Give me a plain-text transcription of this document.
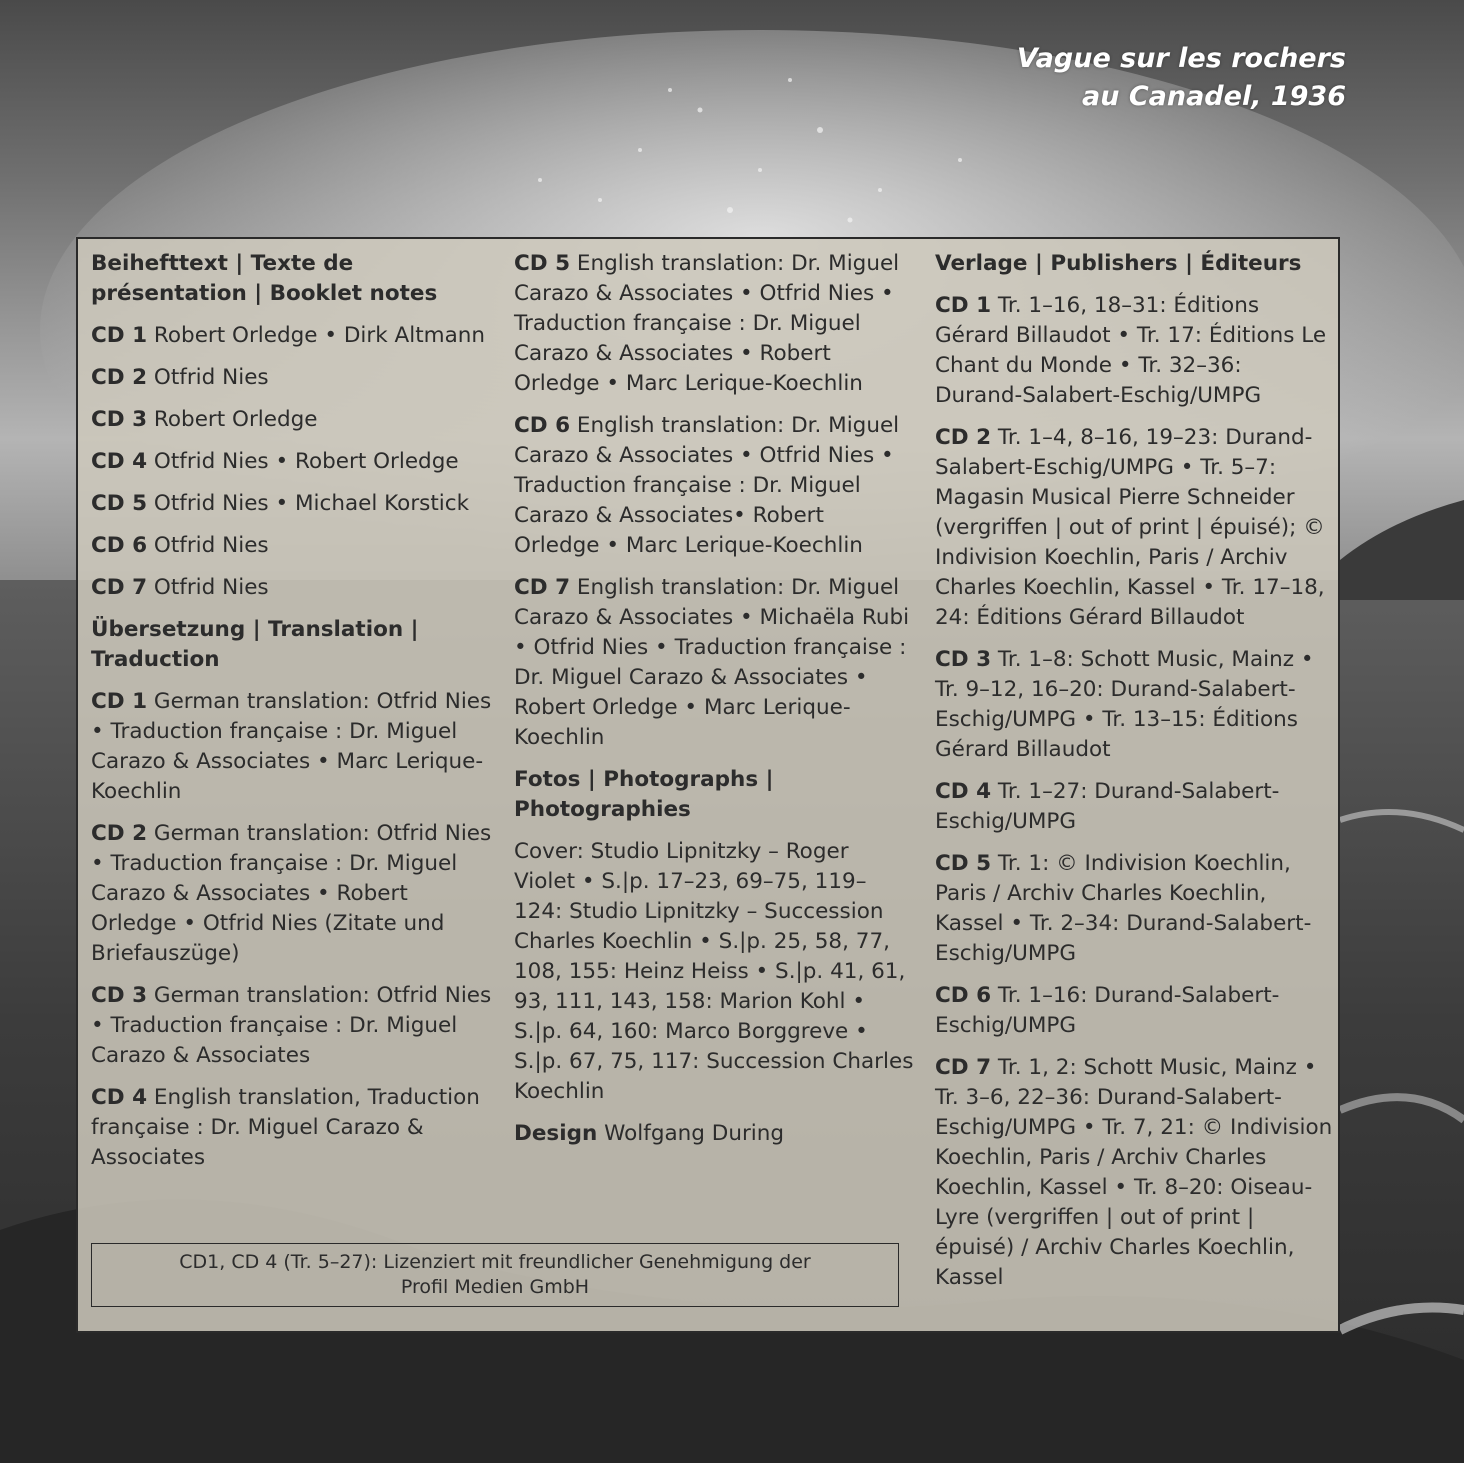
Vague sur les rochers
au Canadel, 1936
Beihefttext | Texte de présentation | Booklet notes

CD 1 Robert Orledge • Dirk Altmann

CD 2 Otfrid Nies

CD 3 Robert Orledge

CD 4 Otfrid Nies • Robert Orledge

CD 5 Otfrid Nies • Michael Korstick

CD 6 Otfrid Nies

CD 7 Otfrid Nies

Übersetzung | Translation | Traduction

CD 1 German translation: Otfrid Nies • Traduction française : Dr. Miguel Carazo & Associates • Marc Lerique-Koechlin

CD 2 German translation: Otfrid Nies • Traduction française : Dr. Miguel Carazo & Associates • Robert Orledge • Otfrid Nies (Zitate und Briefauszüge)

CD 3 German translation: Otfrid Nies • Traduction française : Dr. Miguel Carazo & Associates

CD 4 English translation, Traduction française : Dr. Miguel Carazo & Associates

CD 5 English translation: Dr. Miguel Carazo & Associates • Otfrid Nies • Traduction française : Dr. Miguel Carazo & Associates • Robert Orledge • Marc Lerique-Koechlin

CD 6 English translation: Dr. Miguel Carazo & Associates • Otfrid Nies • Traduction française : Dr. Miguel Carazo & Associates• Robert Orledge • Marc Lerique-Koechlin

CD 7 English translation: Dr. Miguel Carazo & Associates • Michaëla Rubi • Otfrid Nies • Traduction française : Dr. Miguel Carazo & Associates • Robert Orledge • Marc Lerique-Koechlin

Fotos | Photographs | Photographies

Cover: Studio Lipnitzky – Roger Violet • S.|p. 17–23, 69–75, 119–124: Studio Lipnitzky – Succession Charles Koechlin • S.|p. 25, 58, 77, 108, 155: Heinz Heiss • S.|p. 41, 61, 93, 111, 143, 158: Marion Kohl • S.|p. 64, 160: Marco Borggreve • S.|p. 67, 75, 117: Succession Charles Koechlin

Design Wolfgang During

Verlage | Publishers | Éditeurs

CD 1 Tr. 1–16, 18–31: Éditions Gérard Billaudot • Tr. 17: Éditions Le Chant du Monde • Tr. 32–36: Durand-Salabert-Eschig/UMPG

CD 2 Tr. 1–4, 8–16, 19–23: Durand-Salabert-Eschig/UMPG • Tr. 5–7: Magasin Musical Pierre Schneider (vergriffen | out of print | épuisé); © Indivision Koechlin, Paris / Archiv Charles Koechlin, Kassel • Tr. 17–18, 24: Éditions Gérard Billaudot

CD 3 Tr. 1–8: Schott Music, Mainz • Tr. 9–12, 16–20: Durand-Salabert-Eschig/UMPG • Tr. 13–15: Éditions Gérard Billaudot

CD 4 Tr. 1–27: Durand-Salabert-Eschig/UMPG

CD 5 Tr. 1: © Indivision Koechlin, Paris / Archiv Charles Koechlin, Kassel • Tr. 2–34: Durand-Salabert-Eschig/UMPG

CD 6 Tr. 1–16: Durand-Salabert-Eschig/UMPG

CD 7 Tr. 1, 2: Schott Music, Mainz • Tr. 3–6, 22–36: Durand-Salabert-Eschig/UMPG • Tr. 7, 21: © Indivision Koechlin, Paris / Archiv Charles Koechlin, Kassel • Tr. 8–20: Oiseau-Lyre (vergriffen | out of print | épuisé) / Archiv Charles Koechlin, Kassel

CD1, CD 4 (Tr. 5–27): Lizenziert mit freundlicher Genehmigung der
Profil Medien GmbH
